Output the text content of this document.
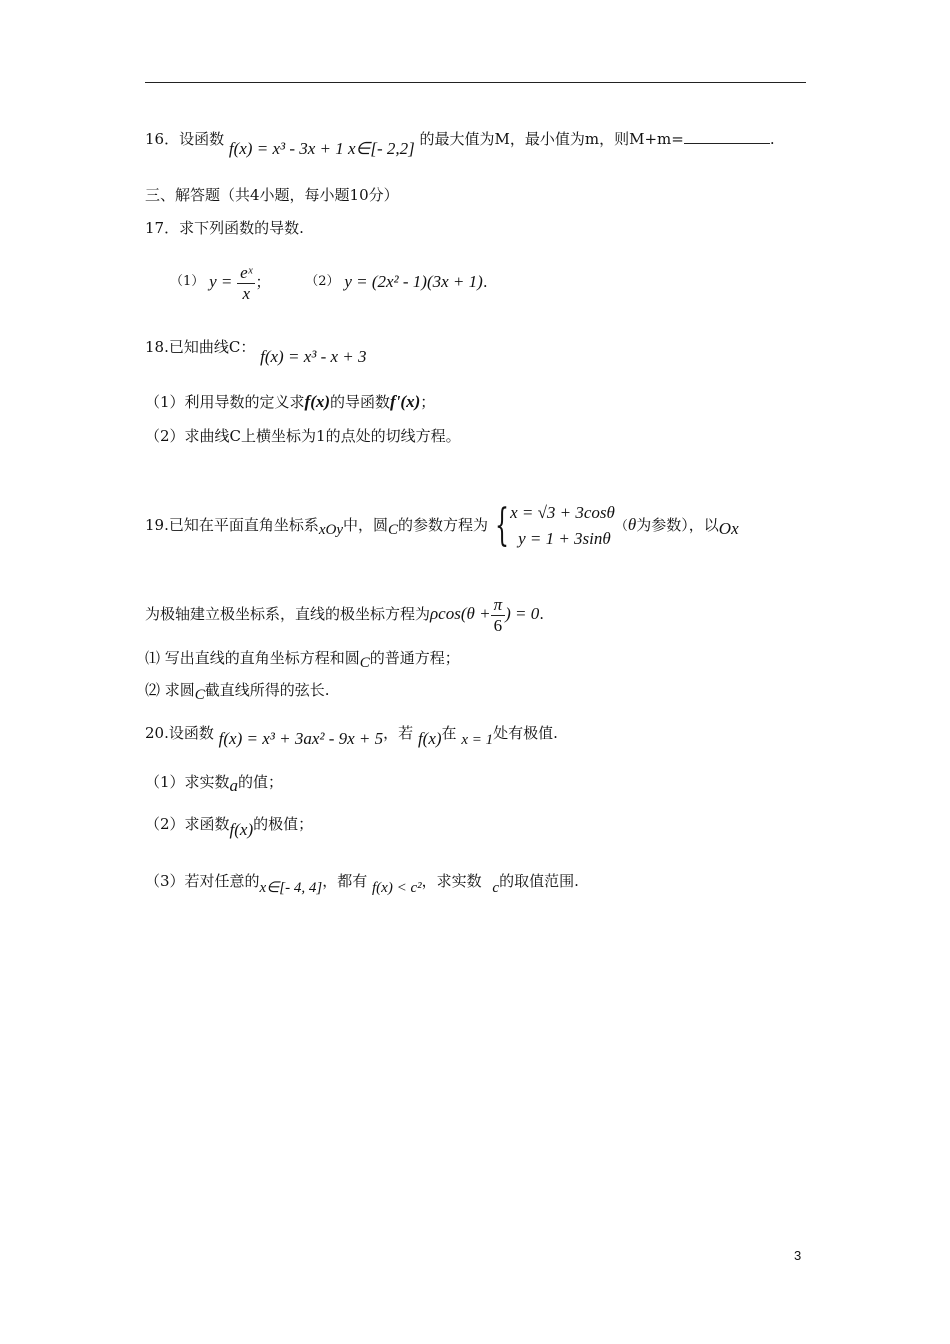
16．设函数 f(x) = x³ - 3x + 1 x∈[- 2,2] 的最大值为M，最小值为m，则M+m=	.
三、解答题（共4小题，每小题10分）
17．求下列函数的导数.
（1） $y = \frac{\text{eˣ}}{x}$ ；	（2） y = (2x² - 1)(3x + 1).
18.已知曲线C： f(x) = x³ - x + 3
（1）利用导数的定义求f(x)的导函数f'(x)；
（2）求曲线C上横坐标为1的点处的切线方程。
19.已知在平面直角坐标系xOy中，圆C的参数方程为 { x = √3 + 3cosθ
y = 1 + 3sinθ
（θ为参数），以Ox
为极轴建立极坐标系，直线的极坐标方程为$\rho\cos(\theta + \frac{\pi}{6}$ ) = 0.
⑴ 写出直线的直角坐标方程和圆C的普通方程；
⑵ 求圆C截直线所得的弦长.
20.设函数 f(x) = x³ + 3ax² - 9x + 5，若 f(x)在 x = 1处有极值.
（1）求实数a的值；
（2）求函数f(x)的极值；
（3）若对任意的x∈[- 4, 4]，都有 f(x) < c²，求实数 c的取值范围.
3
